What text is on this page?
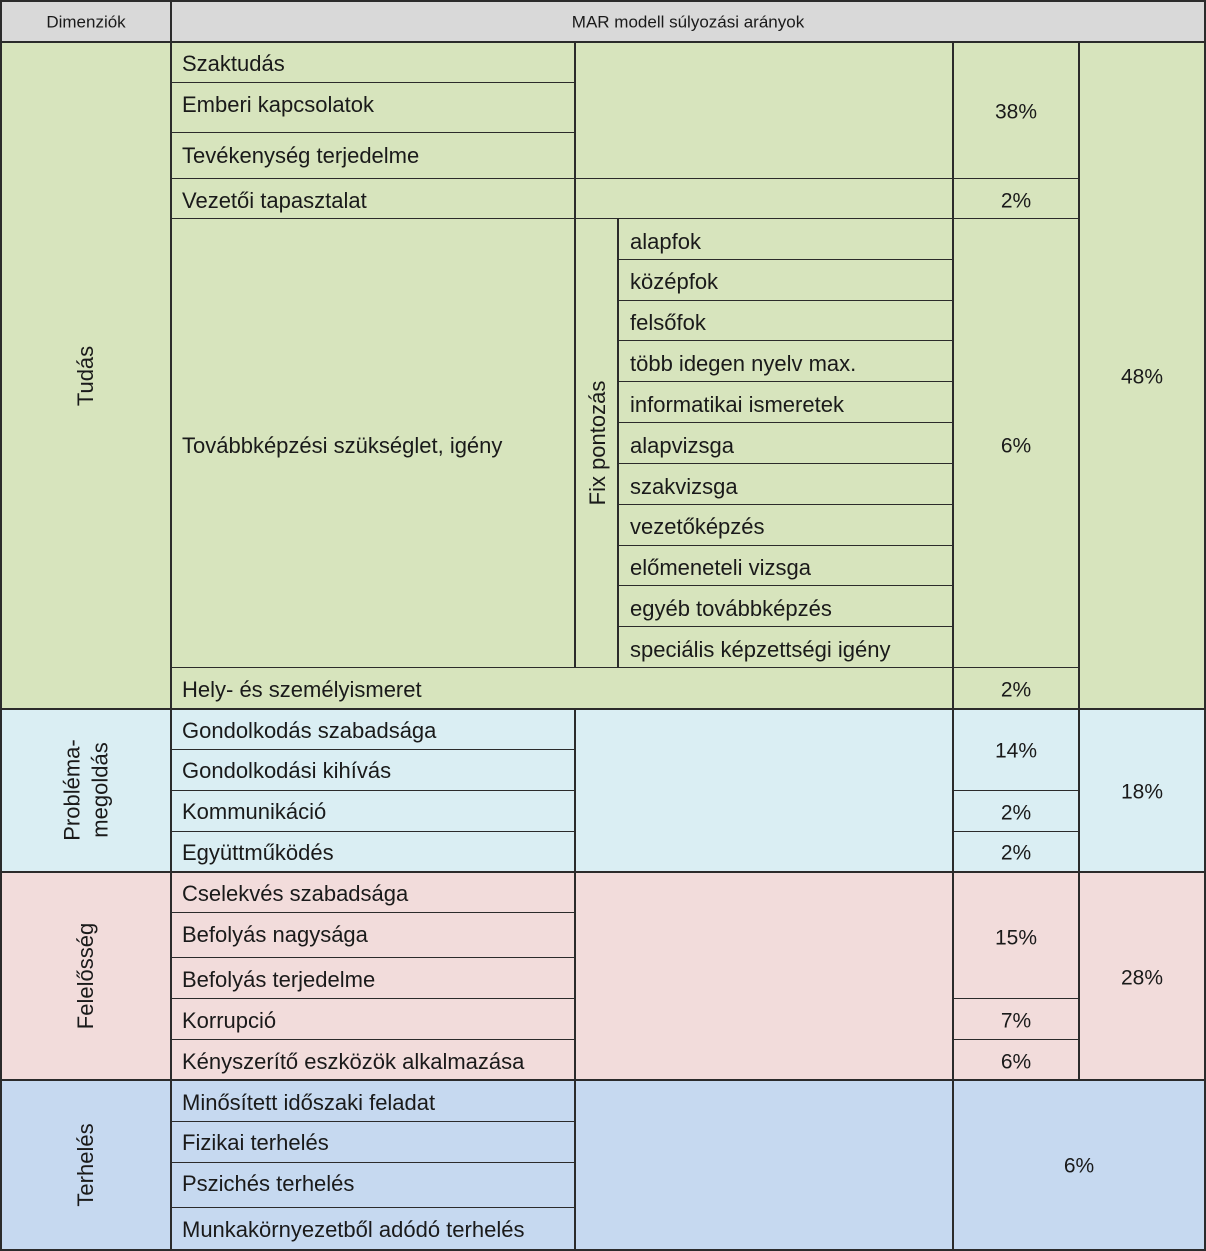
Dimenziók	MAR modell súlyozási arányok
Tudás
Probléma- megoldás
Felelősség
Terhelés
Fix pontozás
Szaktudás
Emberi kapcsolatok
Tevékenység terjedelme
Vezetői tapasztalat
Továbbképzési szükséglet, igény
Hely- és személyismeret
alapfok
középfok
felsőfok
több idegen nyelv max.
informatikai ismeretek
alapvizsga
szakvizsga
vezetőképzés
előmeneteli vizsga
egyéb továbbképzés
speciális képzettségi igény
38%
2%
6%
2%
48%
Gondolkodás szabadsága
Gondolkodási kihívás
Kommunikáció
Együttműködés
14%
2%
2%
18%
Cselekvés szabadsága
Befolyás nagysága
Befolyás terjedelme
Korrupció
Kényszerítő eszközök alkalmazása
15%
7%
6%
28%
Minősített időszaki feladat
Fizikai terhelés
Pszichés terhelés
Munkakörnyezetből adódó terhelés
6%
